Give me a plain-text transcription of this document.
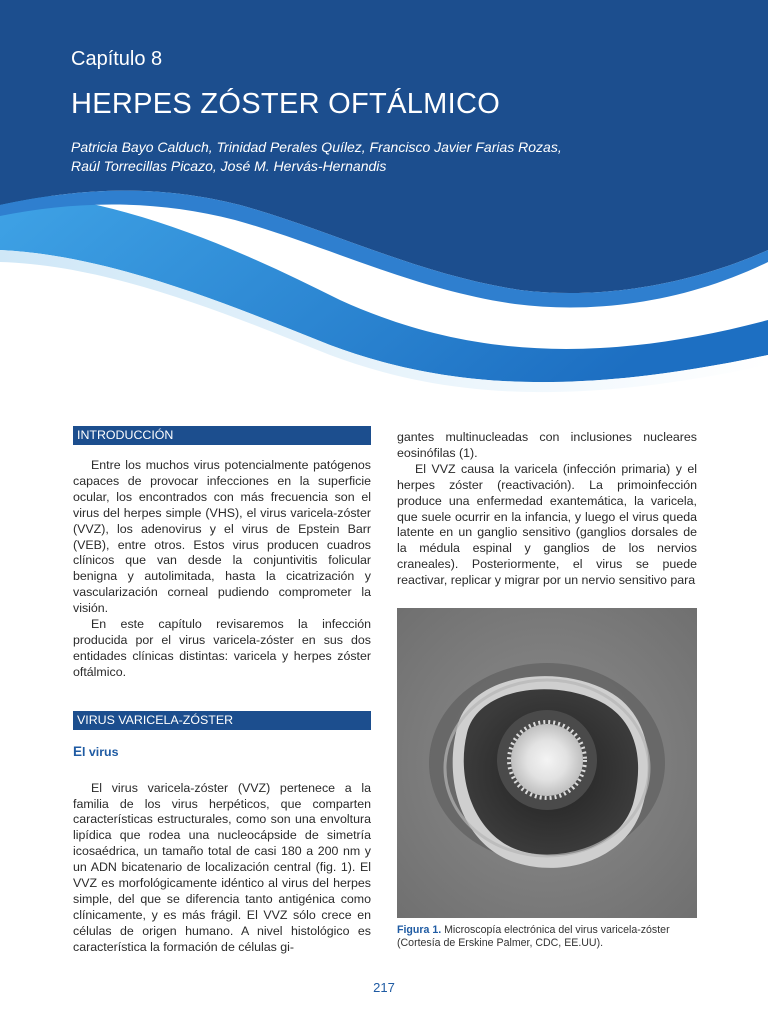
Capítulo 8
HERPES ZÓSTER OFTÁLMICO
Patricia Bayo Calduch, Trinidad Perales Quílez, Francisco Javier Farias Rozas,
Raúl Torrecillas Picazo, José M. Hervás-Hernandis
INTRODUCCIÓN

Entre los muchos virus potencialmente patógenos capaces de provocar infecciones en la superficie ocular, los encontrados con más frecuencia son el virus del herpes simple (VHS), el virus varicela-zóster (VVZ), los adenovirus y el virus de Epstein Barr (VEB), entre otros. Estos virus producen cuadros clínicos que van desde la conjuntivitis folicular benigna y autolimitada, hasta la cicatrización y vascularización corneal pudiendo comprometer la visión.

En este capítulo revisaremos la infección producida por el virus varicela-zóster en sus dos entidades clínicas distintas: varicela y herpes zóster oftálmico.

VIRUS VARICELA-ZÓSTER

El virus

El virus varicela-zóster (VVZ) pertenece a la familia de los virus herpéticos, que comparten características estructurales, como son una envoltura lipídica que rodea una nucleocápside de simetría icosaédrica, un tamaño total de casi 180 a 200 nm y un ADN bicatenario de localización central (fig. 1). El VVZ es morfológicamente idéntico al virus del herpes simple, del que se diferencia tanto antigénica como clínicamente, y es más frágil. El VVZ sólo crece en células de origen humano. A nivel histológico es característica la formación de células gi-

gantes multinucleadas con inclusiones nucleares eosinófilas (1).

El VVZ causa la varicela (infección primaria) y el herpes zóster (reactivación). La primoinfección produce una enfermedad exantemática, la varicela, que suele ocurrir en la infancia, y luego el virus queda latente en un ganglio sensitivo (ganglios dorsales de la médula espinal y ganglios de los nervios craneales). Posteriormente, el virus se puede reactivar, replicar y migrar por un nervio sensitivo para

Figura 1. Microscopía electrónica del virus varicela-zóster (Cortesía de Erskine Palmer, CDC, EE.UU).
217
